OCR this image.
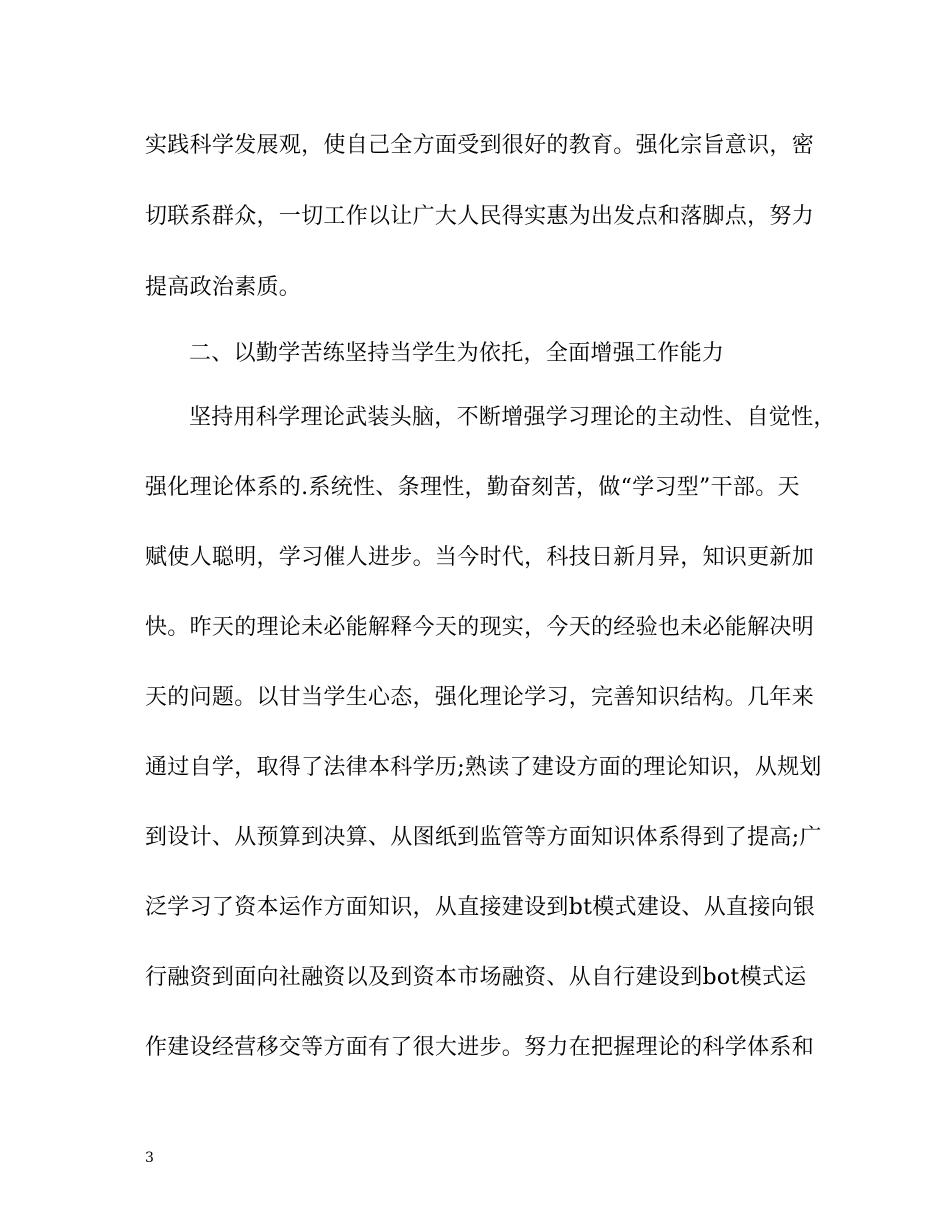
实践科学发展观，使自己全方面受到很好的教育。强化宗旨意识，密
切联系群众，一切工作以让广大人民得实惠为出发点和落脚点，努力
提高政治素质。
二、以勤学苦练坚持当学生为依托，全面增强工作能力
坚持用科学理论武装头脑，不断增强学习理论的主动性、自觉性，
强化理论体系的.系统性、条理性，勤奋刻苦，做“学习型”干部。天
赋使人聪明，学习催人进步。当今时代，科技日新月异，知识更新加
快。昨天的理论未必能解释今天的现实，今天的经验也未必能解决明
天的问题。以甘当学生心态，强化理论学习，完善知识结构。几年来
通过自学，取得了法律本科学历;熟读了建设方面的理论知识，从规划
到设计、从预算到决算、从图纸到监管等方面知识体系得到了提高;广
泛学习了资本运作方面知识，从直接建设到bt模式建设、从直接向银
行融资到面向社融资以及到资本市场融资、从自行建设到bot模式运
作建设经营移交等方面有了很大进步。努力在把握理论的科学体系和
3
